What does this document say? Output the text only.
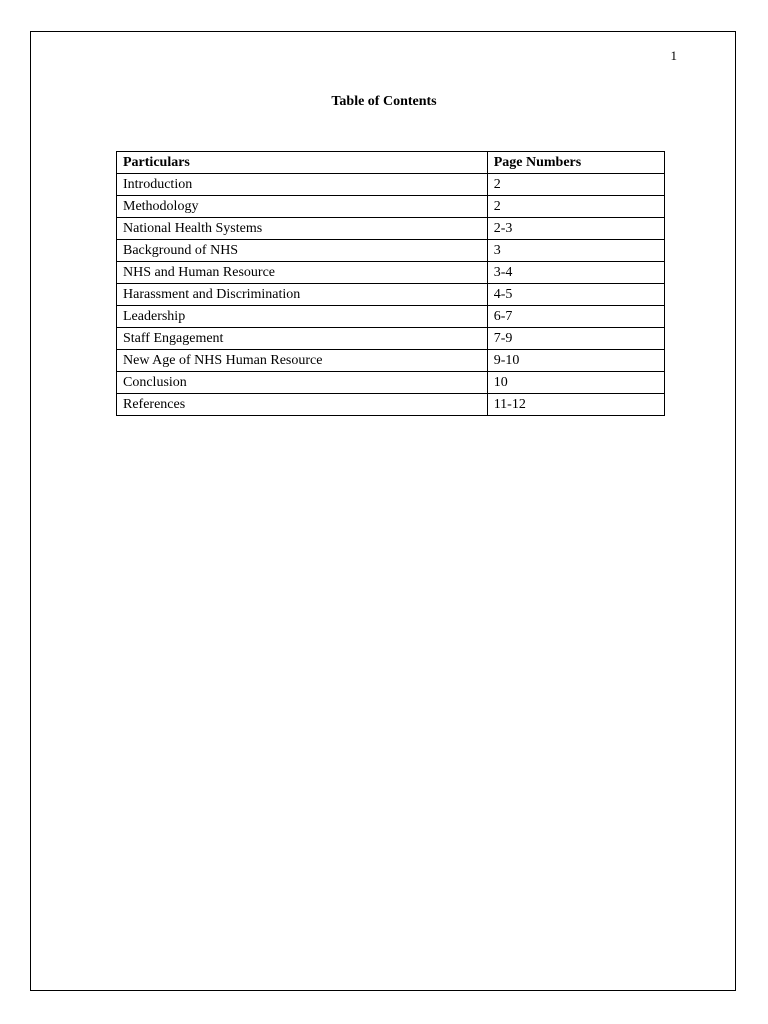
1
Table of Contents
Particulars	Page Numbers
Introduction	2
Methodology	2
National Health Systems	2-3
Background of NHS	3
NHS and Human Resource	3-4
Harassment and Discrimination	4-5
Leadership	6-7
Staff Engagement	7-9
New Age of NHS Human Resource	9-10
Conclusion	10
References	11-12
